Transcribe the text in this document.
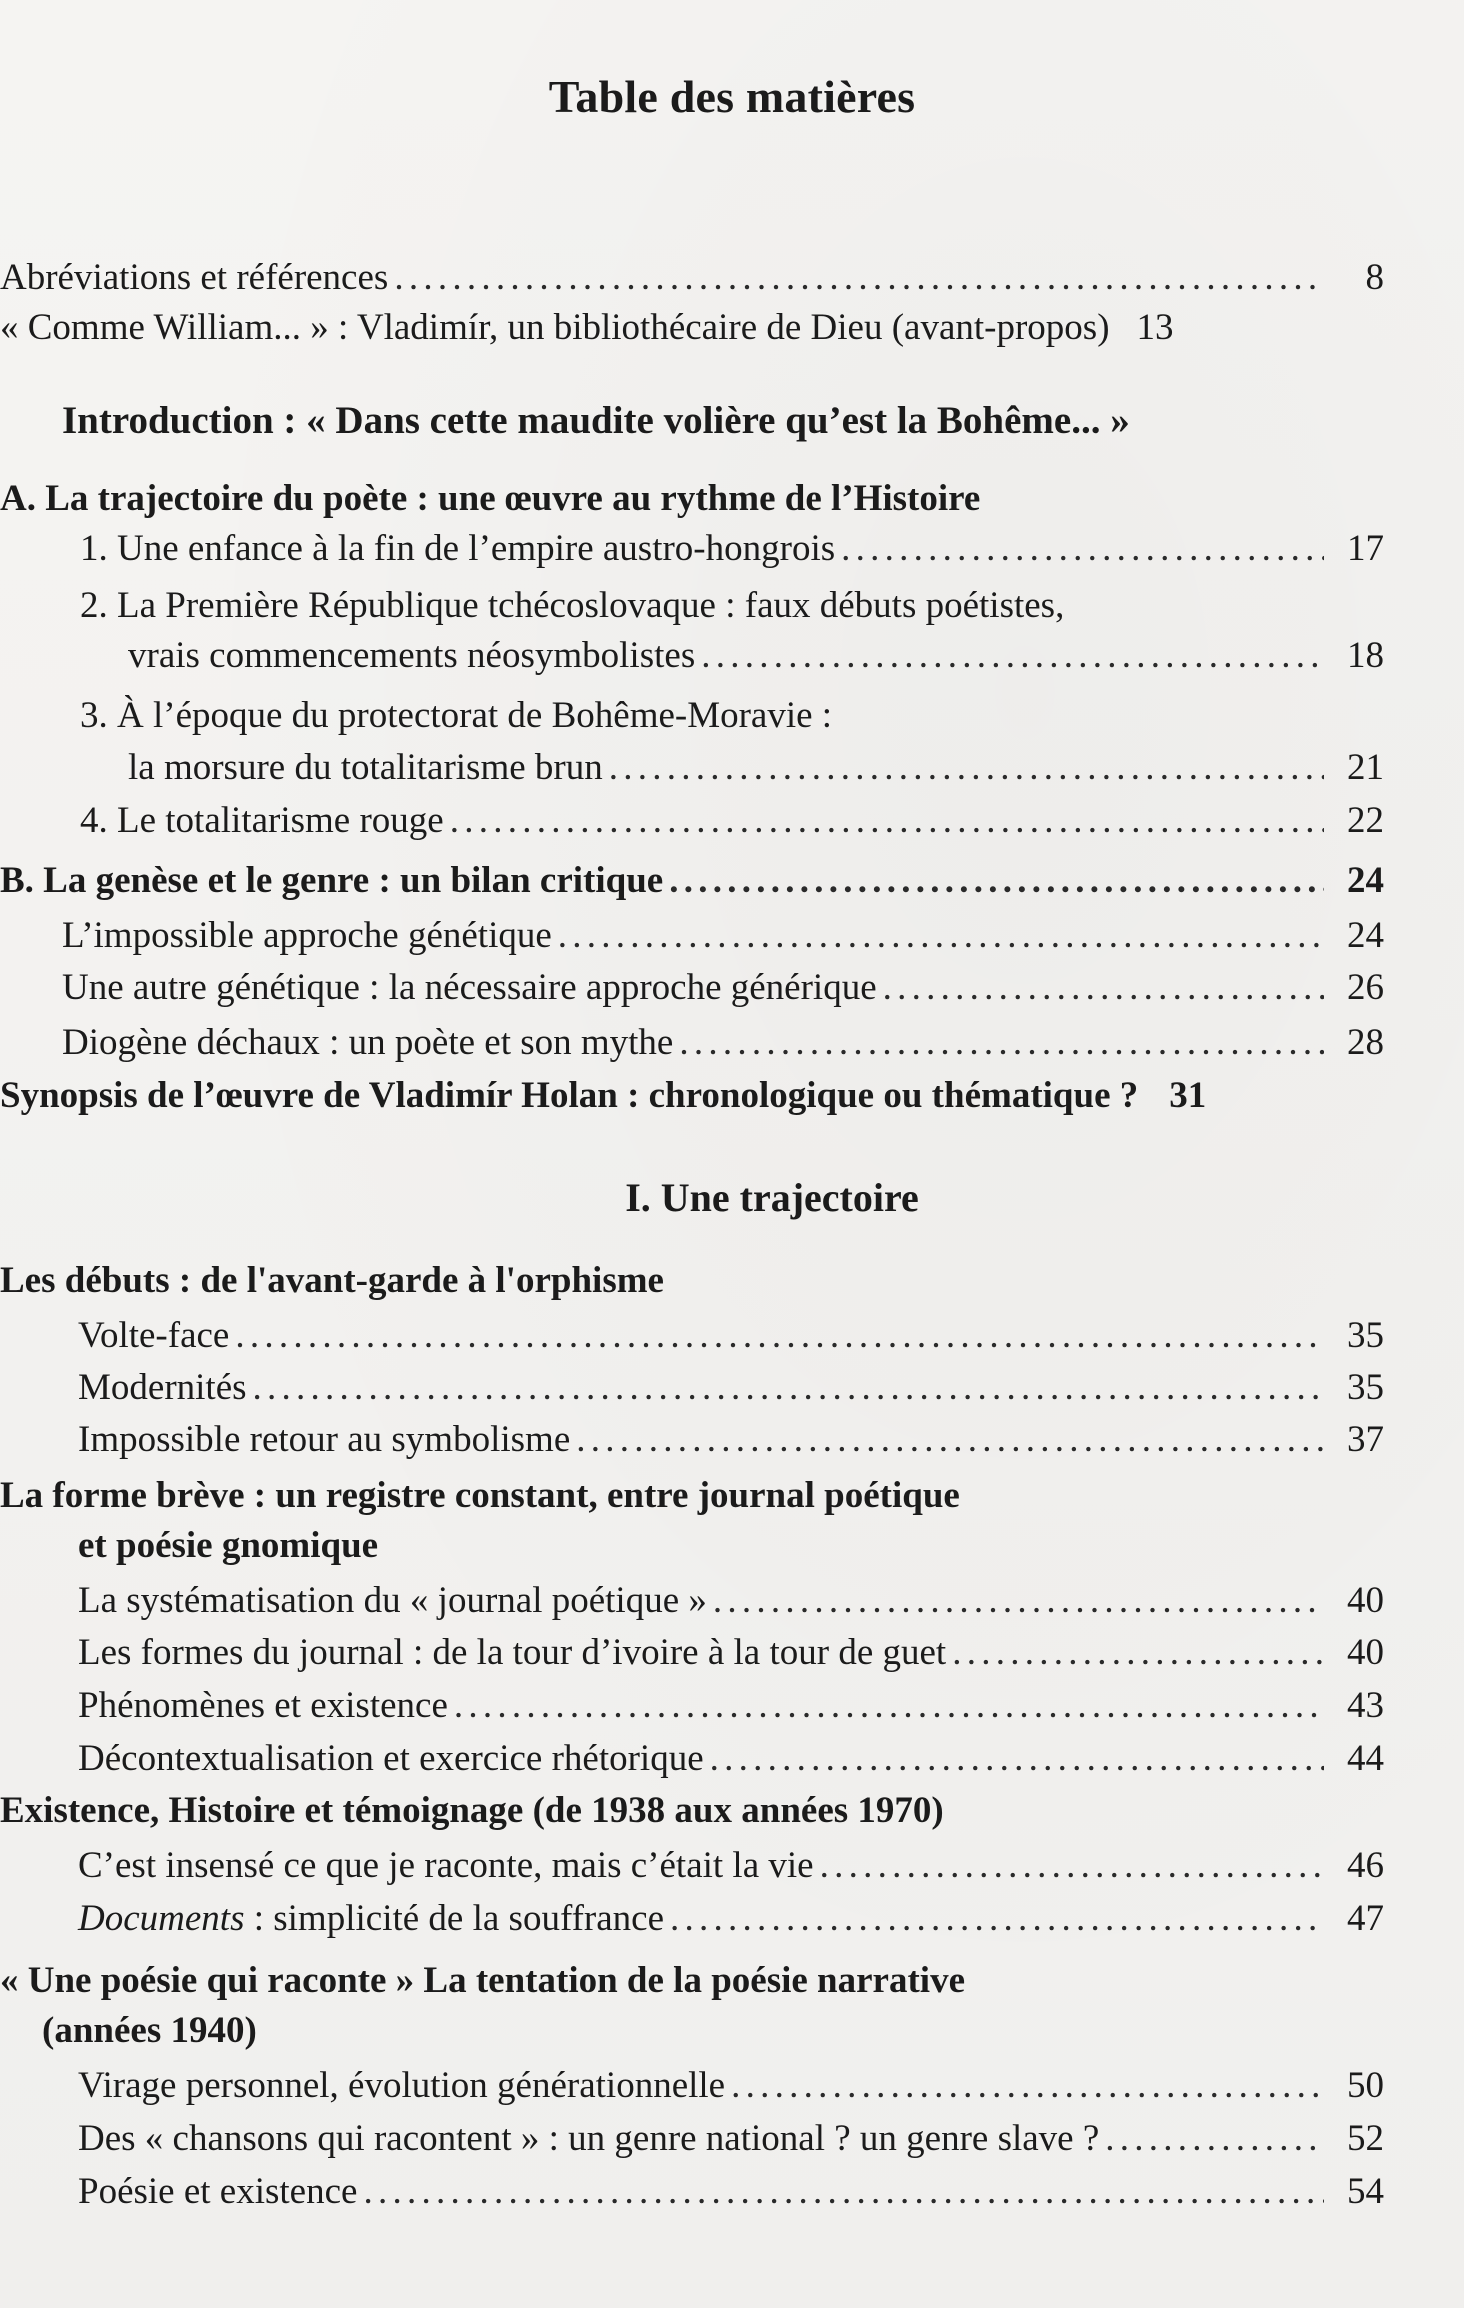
Table des matières
Abréviations et références . . .	8
« Comme William... » : Vladimír, un bibliothécaire de Dieu (avant-propos) 13
Introduction : « Dans cette maudite volière qu’est la Bohême... »
A. La trajectoire du poète : une œuvre au rythme de l’Histoire
1. Une enfance à la fin de l’empire austro-hongrois . . .	17
2. La Première République tchécoslovaque : faux débuts poétistes,
vrais commencements néosymbolistes . . .	18
3. À l’époque du protectorat de Bohême-Moravie :
la morsure du totalitarisme brun . . .	21
4. Le totalitarisme rouge . . .	22
B. La genèse et le genre : un bilan critique . . .	24
L’impossible approche génétique . . .	24
Une autre génétique : la nécessaire approche générique . . .	26
Diogène déchaux : un poète et son mythe . . .	28
Synopsis de l’œuvre de Vladimír Holan : chronologique ou thématique ? 31
I. Une trajectoire
Les débuts : de l'avant-garde à l'orphisme
Volte-face . . .	35
Modernités . . .	35
Impossible retour au symbolisme . . .	37
La forme brève : un registre constant, entre journal poétique
et poésie gnomique
La systématisation du « journal poétique » . . .	40
Les formes du journal : de la tour d’ivoire à la tour de guet . . .	40
Phénomènes et existence . . .	43
Décontextualisation et exercice rhétorique . . .	44
Existence, Histoire et témoignage (de 1938 aux années 1970)
C’est insensé ce que je raconte, mais c’était la vie . . .	46
Documents : simplicité de la souffrance . . .	47
« Une poésie qui raconte » La tentation de la poésie narrative
(années 1940)
Virage personnel, évolution générationnelle . . .	50
Des « chansons qui racontent » : un genre national ? un genre slave ? . . .	52
Poésie et existence . . .	54
